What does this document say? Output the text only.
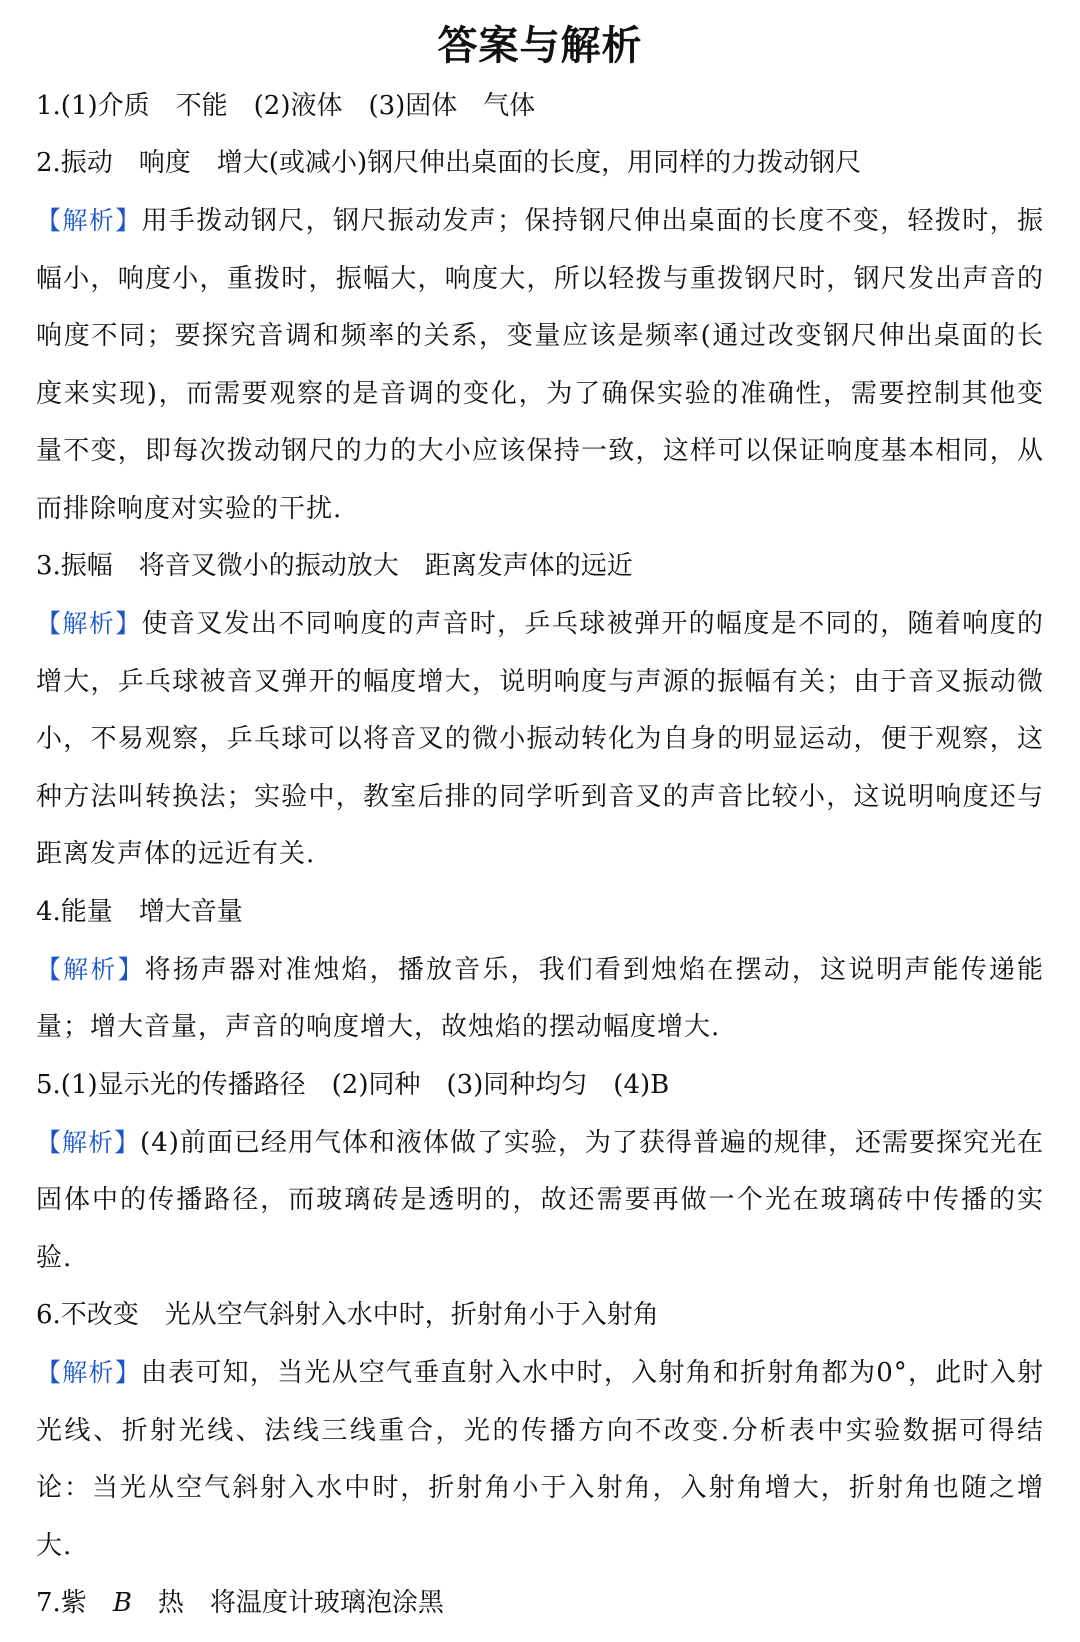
答案与解析

1.(1)介质　不能　(2)液体　(3)固体　气体

2.振动　响度　增大(或减小)钢尺伸出桌面的长度，用同样的力拨动钢尺

【解析】用手拨动钢尺，钢尺振动发声；保持钢尺伸出桌面的长度不变，轻拨时，振幅小，响度小，重拨时，振幅大，响度大，所以轻拨与重拨钢尺时，钢尺发出声音的响度不同；要探究音调和频率的关系，变量应该是频率(通过改变钢尺伸出桌面的长度来实现)，而需要观察的是音调的变化，为了确保实验的准确性，需要控制其他变量不变，即每次拨动钢尺的力的大小应该保持一致，这样可以保证响度基本相同，从而排除响度对实验的干扰.

3.振幅　将音叉微小的振动放大　距离发声体的远近

【解析】使音叉发出不同响度的声音时，乒乓球被弹开的幅度是不同的，随着响度的增大，乒乓球被音叉弹开的幅度增大，说明响度与声源的振幅有关；由于音叉振动微小，不易观察，乒乓球可以将音叉的微小振动转化为自身的明显运动，便于观察，这种方法叫转换法；实验中，教室后排的同学听到音叉的声音比较小，这说明响度还与距离发声体的远近有关.

4.能量　增大音量

【解析】将扬声器对准烛焰，播放音乐，我们看到烛焰在摆动，这说明声能传递能量；增大音量，声音的响度增大，故烛焰的摆动幅度增大.

5.(1)显示光的传播路径　(2)同种　(3)同种均匀　(4)B

【解析】(4)前面已经用气体和液体做了实验，为了获得普遍的规律，还需要探究光在固体中的传播路径，而玻璃砖是透明的，故还需要再做一个光在玻璃砖中传播的实验.

6.不改变　光从空气斜射入水中时，折射角小于入射角

【解析】由表可知，当光从空气垂直射入水中时，入射角和折射角都为0°，此时入射光线、折射光线、法线三线重合，光的传播方向不改变.分析表中实验数据可得结论：当光从空气斜射入水中时，折射角小于入射角，入射角增大，折射角也随之增大.

7.紫　B　热　将温度计玻璃泡涂黑
